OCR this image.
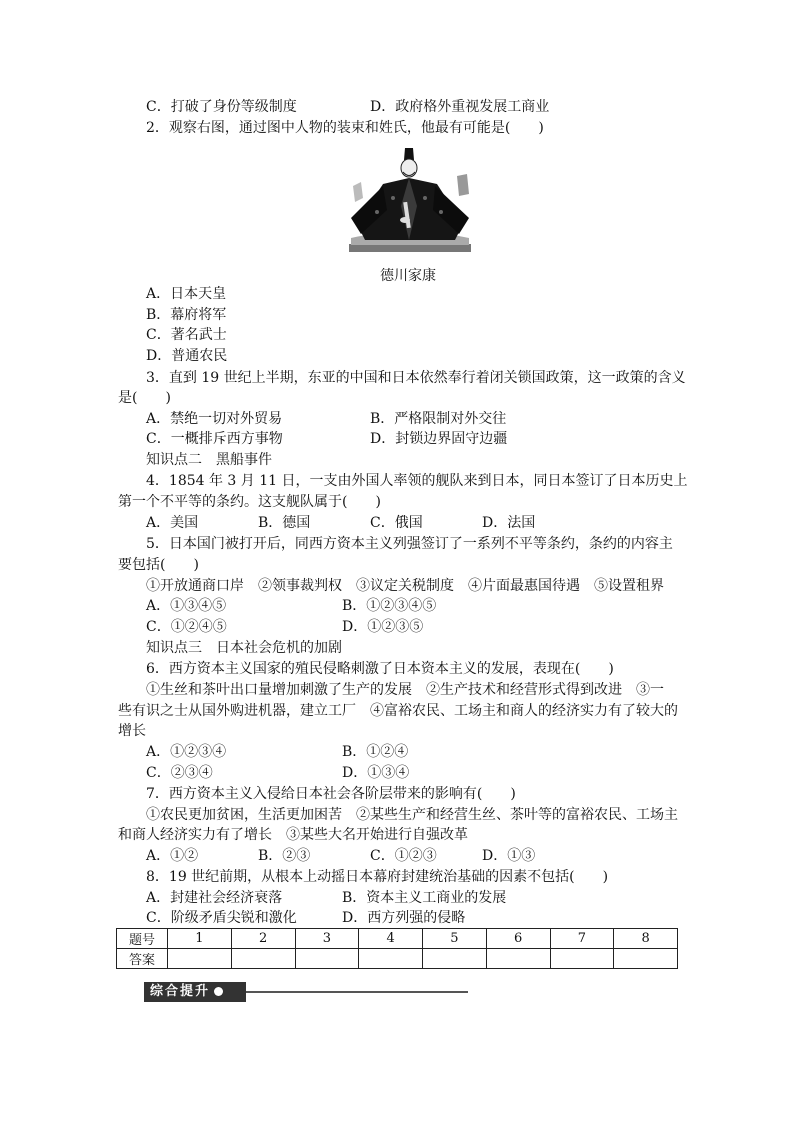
C．打破了身份等级制度	D．政府格外重视发展工商业
2．观察右图，通过图中人物的装束和姓氏，他最有可能是(　　)
德川家康
A．日本天皇
B．幕府将军
C．著名武士
D．普通农民
3．直到 19 世纪上半期，东亚的中国和日本依然奉行着闭关锁国政策，这一政策的含义
是(　　)
A．禁绝一切对外贸易	B．严格限制对外交往
C．一概排斥西方事物	D．封锁边界固守边疆
知识点二　黑船事件
4．1854 年 3 月 11 日，一支由外国人率领的舰队来到日本，同日本签订了日本历史上
第一个不平等的条约。这支舰队属于(　　)
A．美国	B．德国	C．俄国	D．法国
5．日本国门被打开后，同西方资本主义列强签订了一系列不平等条约，条约的内容主
要包括(　　)
①开放通商口岸　②领事裁判权　③议定关税制度　④片面最惠国待遇　⑤设置租界
A．①③④⑤	B．①②③④⑤
C．①②④⑤	D．①②③⑤
知识点三　日本社会危机的加剧
6．西方资本主义国家的殖民侵略刺激了日本资本主义的发展，表现在(　　)
①生丝和茶叶出口量增加刺激了生产的发展　②生产技术和经营形式得到改进　③一
些有识之士从国外购进机器，建立工厂　④富裕农民、工场主和商人的经济实力有了较大的
增长
A．①②③④	B．①②④
C．②③④	D．①③④
7．西方资本主义入侵给日本社会各阶层带来的影响有(　　)
①农民更加贫困，生活更加困苦　②某些生产和经营生丝、茶叶等的富裕农民、工场主
和商人经济实力有了增长　③某些大名开始进行自强改革
A．①②	B．②③	C．①②③	D．①③
8．19 世纪前期，从根本上动摇日本幕府封建统治基础的因素不包括(　　)
A．封建社会经济衰落	B．资本主义工商业的发展
C．阶级矛盾尖锐和激化	D．西方列强的侵略
题号	1	2	3	4	5	6	7	8
答案								
综合提升
